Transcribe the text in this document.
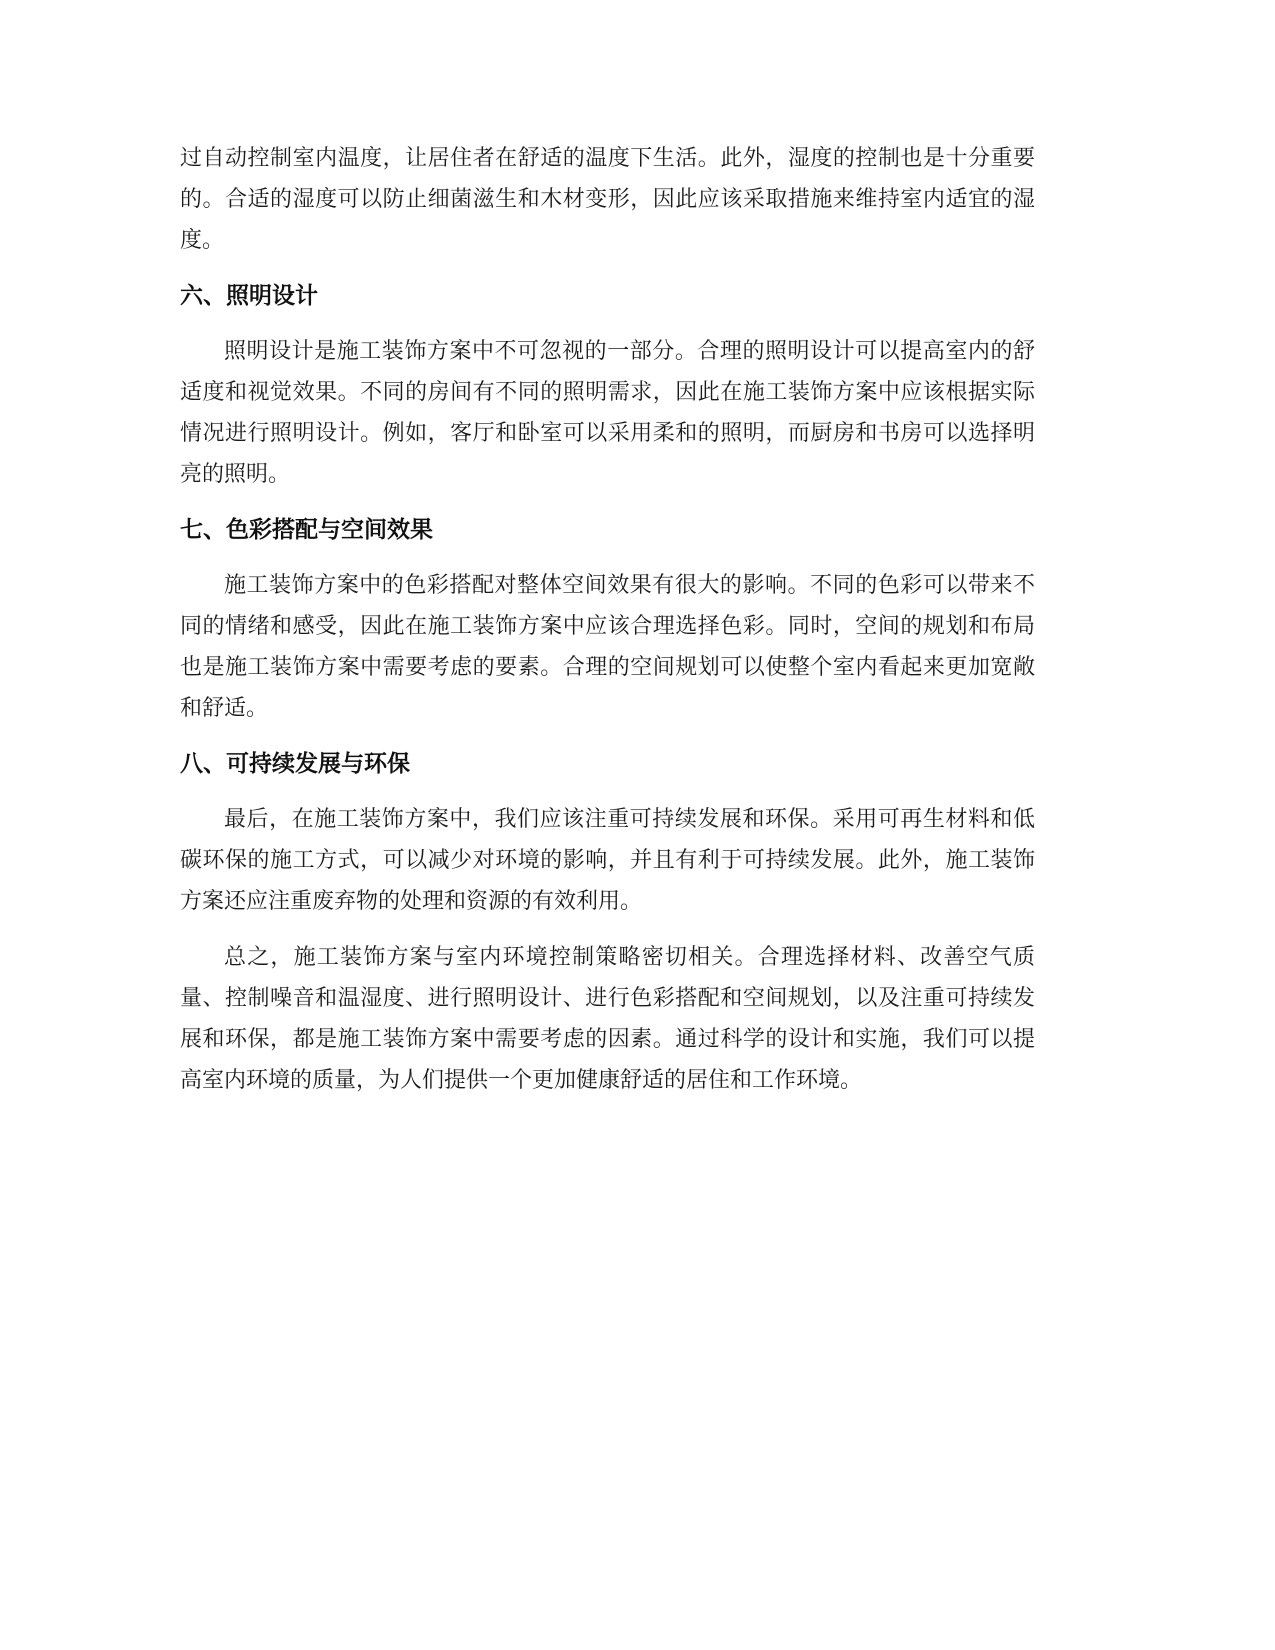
过自动控制室内温度，让居住者在舒适的温度下生活。此外，湿度的控制也是十分重要的。合适的湿度可以防止细菌滋生和木材变形，因此应该采取措施来维持室内适宜的湿度。

六、照明设计

照明设计是施工装饰方案中不可忽视的一部分。合理的照明设计可以提高室内的舒适度和视觉效果。不同的房间有不同的照明需求，因此在施工装饰方案中应该根据实际情况进行照明设计。例如，客厅和卧室可以采用柔和的照明，而厨房和书房可以选择明亮的照明。

七、色彩搭配与空间效果

施工装饰方案中的色彩搭配对整体空间效果有很大的影响。不同的色彩可以带来不同的情绪和感受，因此在施工装饰方案中应该合理选择色彩。同时，空间的规划和布局也是施工装饰方案中需要考虑的要素。合理的空间规划可以使整个室内看起来更加宽敞和舒适。

八、可持续发展与环保

最后，在施工装饰方案中，我们应该注重可持续发展和环保。采用可再生材料和低碳环保的施工方式，可以减少对环境的影响，并且有利于可持续发展。此外，施工装饰方案还应注重废弃物的处理和资源的有效利用。

总之，施工装饰方案与室内环境控制策略密切相关。合理选择材料、改善空气质量、控制噪音和温湿度、进行照明设计、进行色彩搭配和空间规划，以及注重可持续发展和环保，都是施工装饰方案中需要考虑的因素。通过科学的设计和实施，我们可以提高室内环境的质量，为人们提供一个更加健康舒适的居住和工作环境。
